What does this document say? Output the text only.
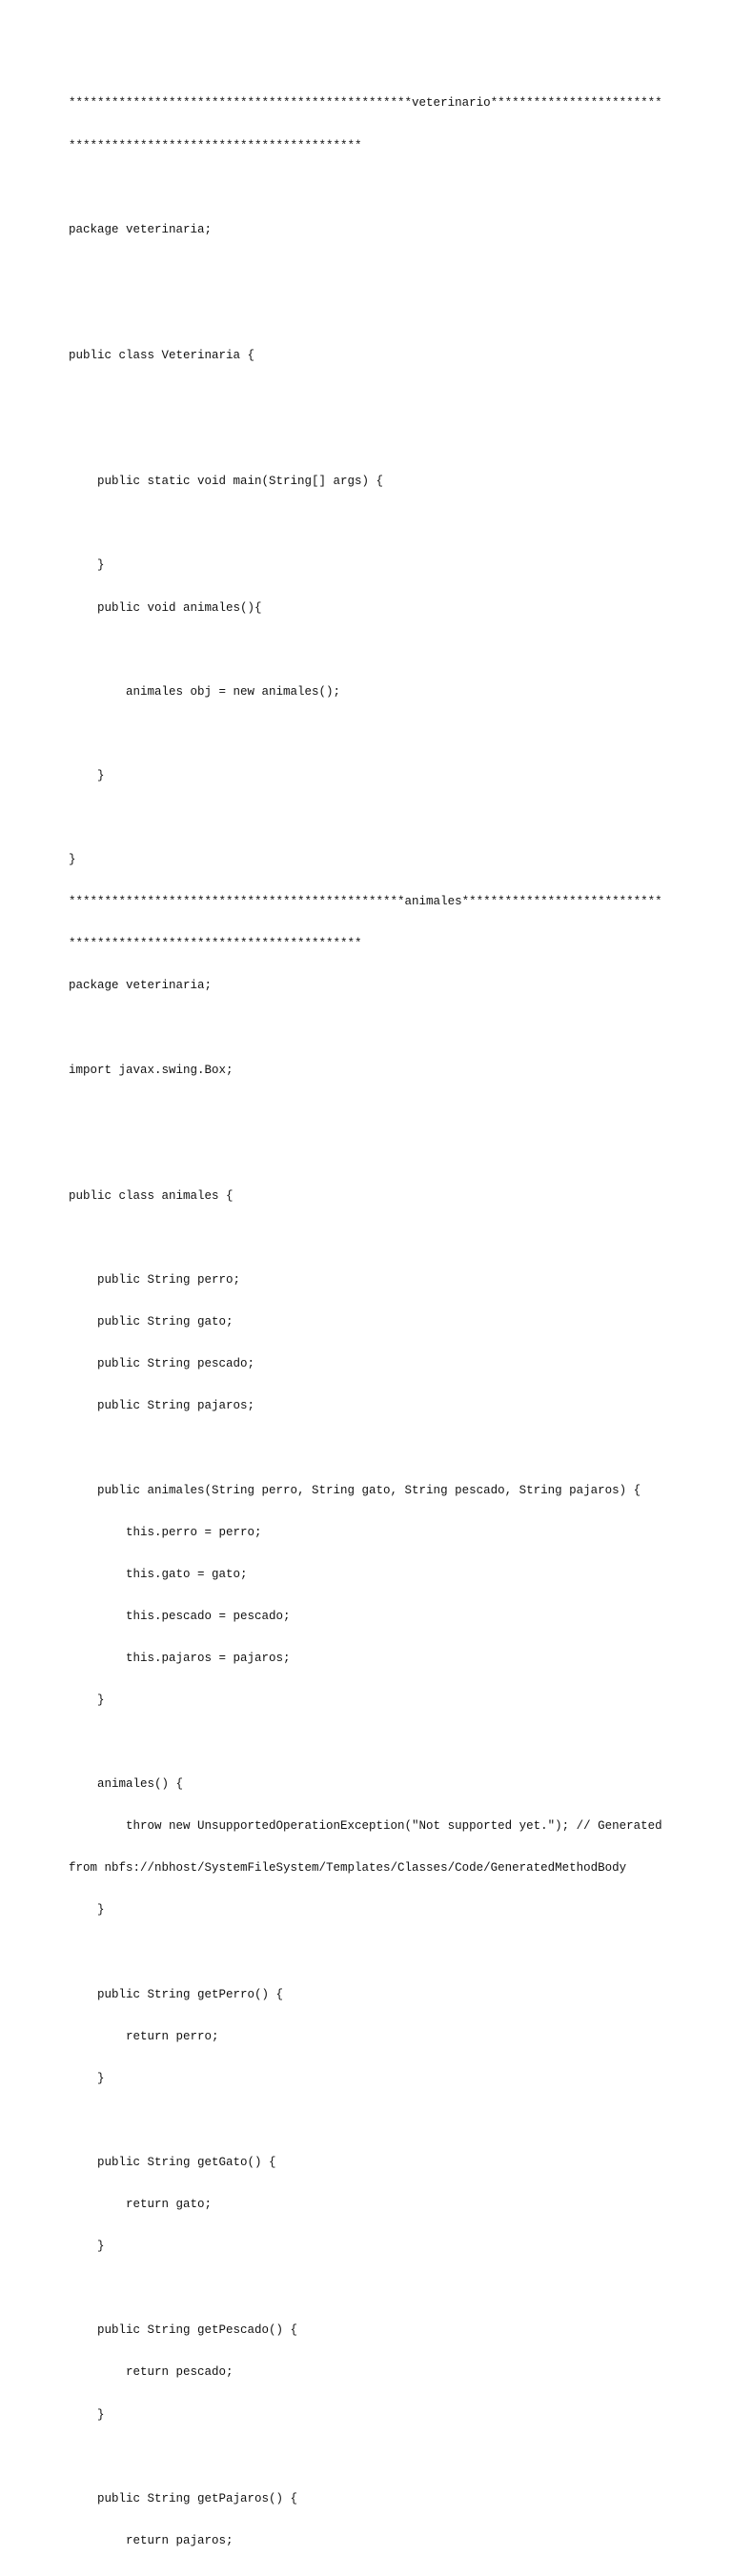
************************************************veterinario************************

*****************************************

package veterinaria;

public class Veterinaria {

public static void main(String[] args) {

}

public void animales(){

animales obj = new animales();

}

}

***********************************************animales****************************

*****************************************

package veterinaria;

import javax.swing.Box;

public class animales {

public String perro;

public String gato;

public String pescado;

public String pajaros;

public animales(String perro, String gato, String pescado, String pajaros) {

this.perro = perro;

this.gato = gato;

this.pescado = pescado;

this.pajaros = pajaros;

}

animales() {

throw new UnsupportedOperationException("Not supported yet."); // Generated

from nbfs://nbhost/SystemFileSystem/Templates/Classes/Code/GeneratedMethodBody

}

public String getPerro() {

return perro;

}

public String getGato() {

return gato;

}

public String getPescado() {

return pescado;

}

public String getPajaros() {

return pajaros;
